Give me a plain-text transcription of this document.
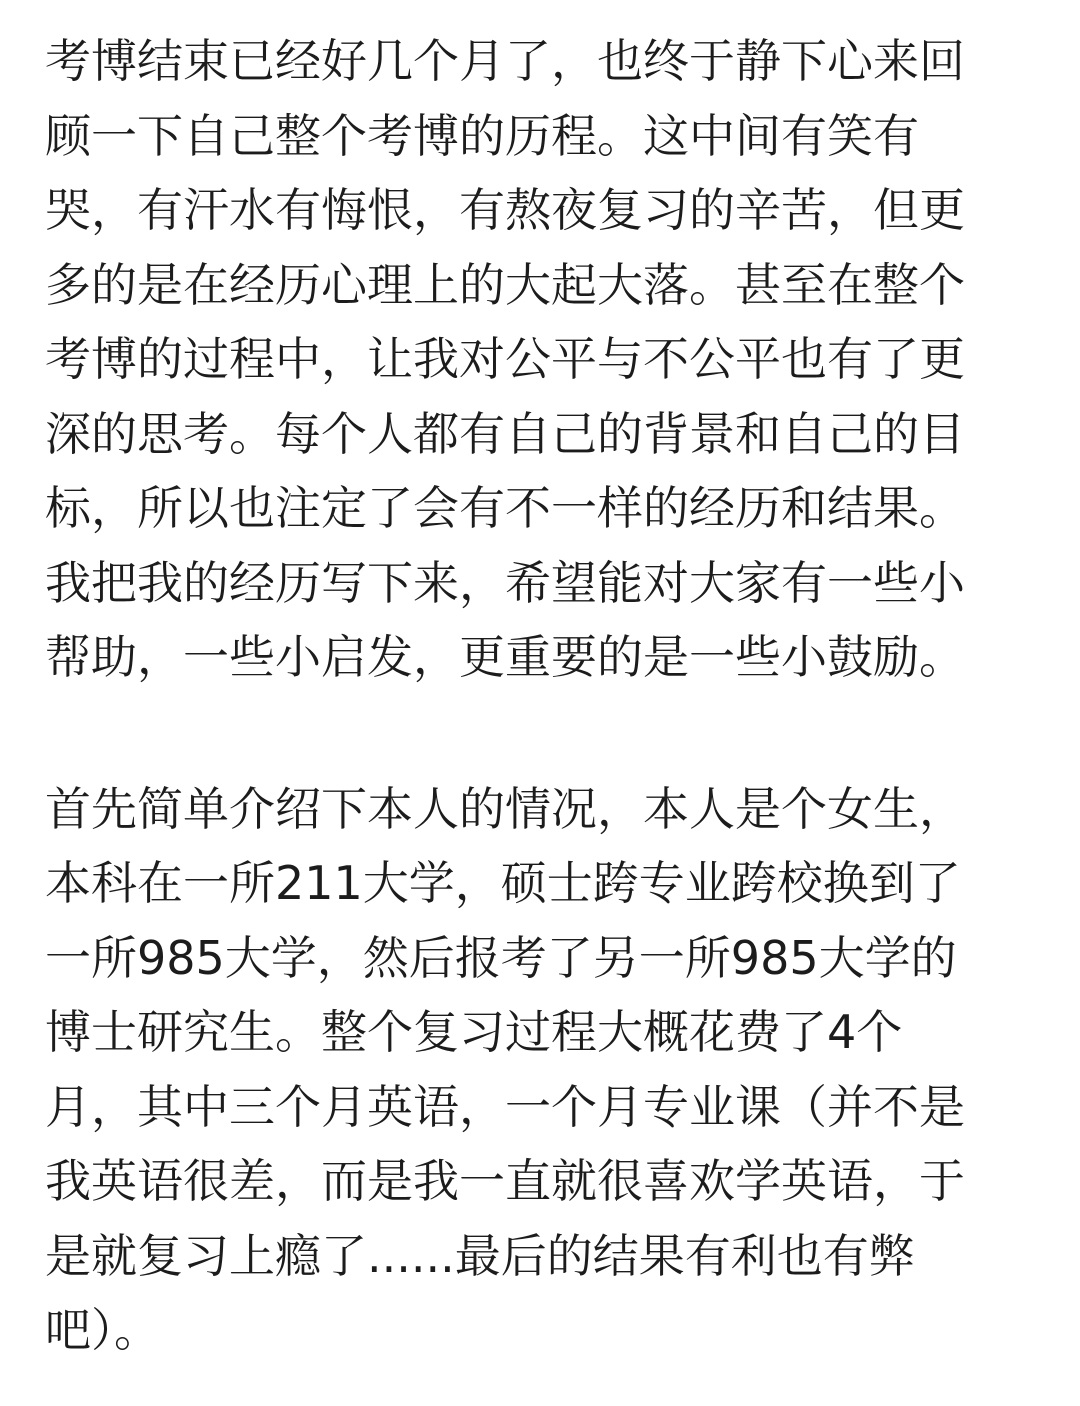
考博结束已经好几个月了，也终于静下心来回
顾一下自己整个考博的历程。这中间有笑有
哭，有汗水有悔恨，有熬夜复习的辛苦，但更
多的是在经历心理上的大起大落。甚至在整个
考博的过程中，让我对公平与不公平也有了更
深的思考。每个人都有自己的背景和自己的目
标，所以也注定了会有不一样的经历和结果。
我把我的经历写下来，希望能对大家有一些小
帮助，一些小启发，更重要的是一些小鼓励。
首先简单介绍下本人的情况，本人是个女生，
本科在一所211大学，硕士跨专业跨校换到了
一所985大学，然后报考了另一所985大学的
博士研究生。整个复习过程大概花费了4个
月，其中三个月英语，一个月专业课（并不是
我英语很差，而是我一直就很喜欢学英语，于
是就复习上瘾了......最后的结果有利也有弊
吧）。
